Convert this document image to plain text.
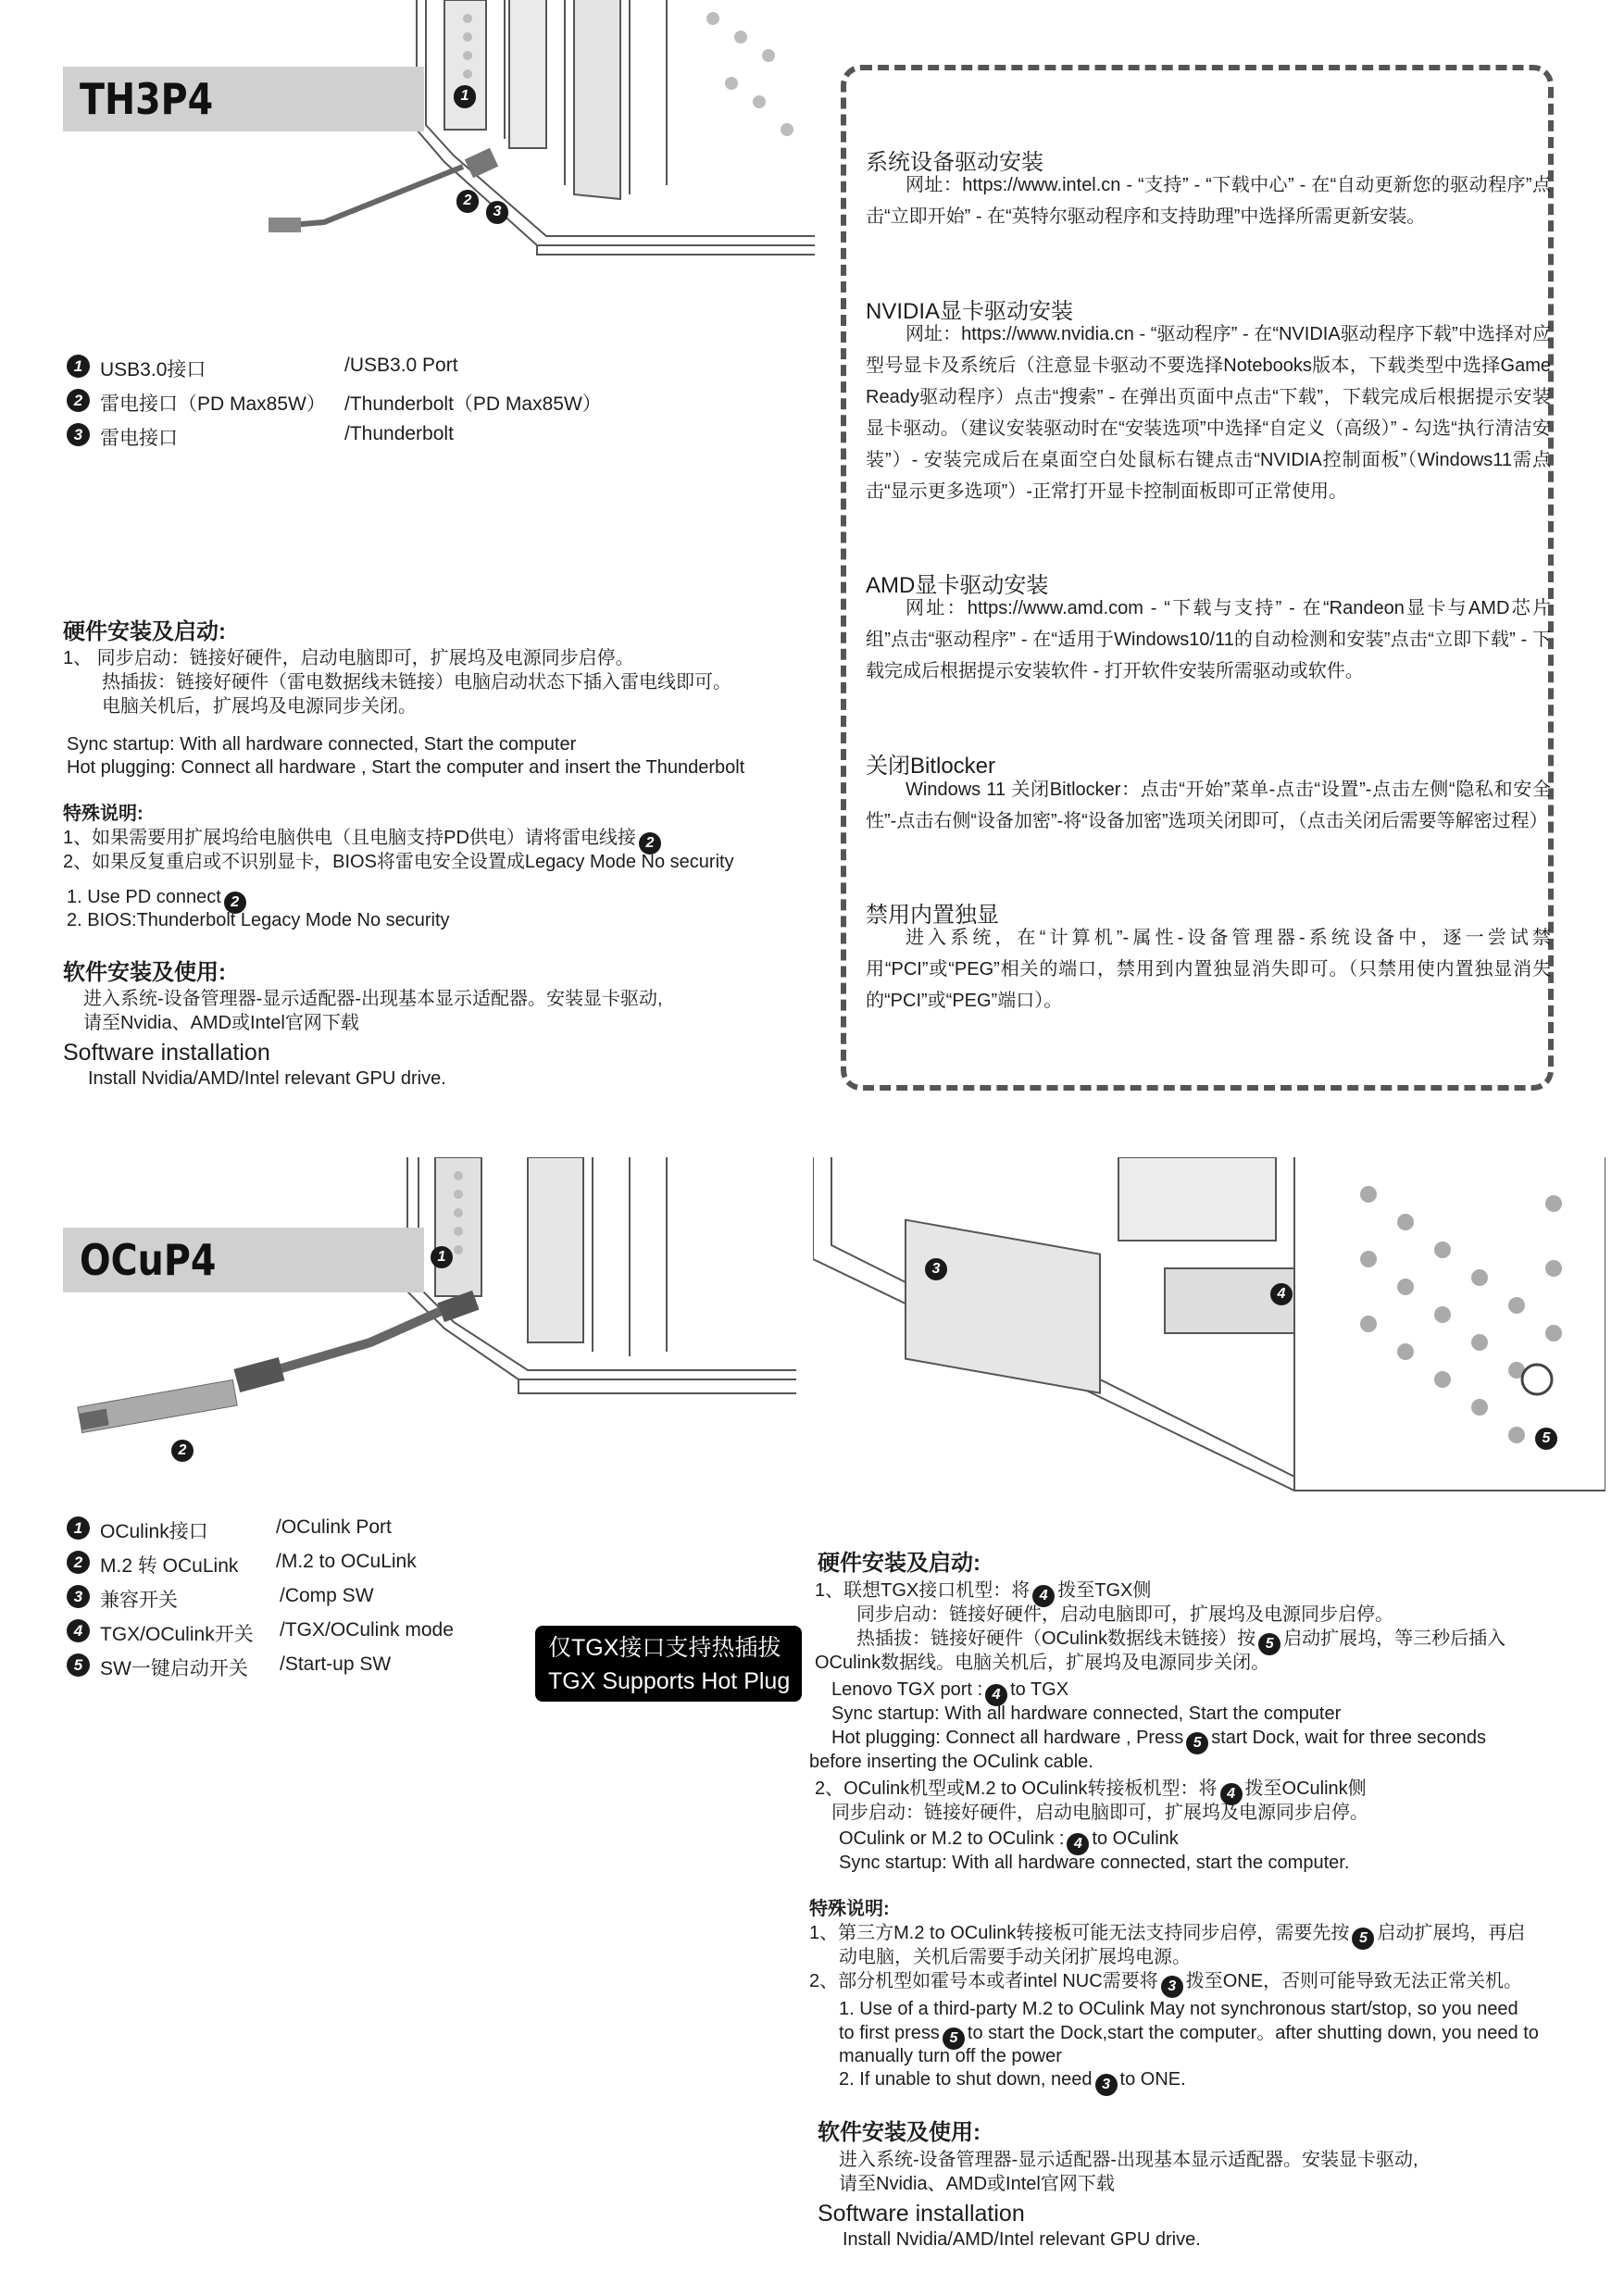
1
2
3
TH3P4
1 USB3.0接口	/USB3.0 Port
2 雷电接口（PD Max85W） /Thunderbolt（PD Max85W）
3 雷电接口	/Thunderbolt
硬件安装及启动:
1、 同步启动：链接好硬件，启动电脑即可，扩展坞及电源同步启停。
热插拔：链接好硬件（雷电数据线未链接）电脑启动状态下插入雷电线即可。
电脑关机后，扩展坞及电源同步关闭。
Sync startup: With all hardware connected, Start the computer
Hot plugging: Connect all hardware , Start the computer and insert the Thunderbolt
特殊说明:
1、如果需要用扩展坞给电脑供电（且电脑支持PD供电）请将雷电线接 2
2、如果反复重启或不识别显卡，BIOS将雷电安全设置成Legacy Mode No security
1. Use PD connect 2
2. BIOS:Thunderbolt Legacy Mode No security
软件安装及使用:
进入系统-设备管理器-显示适配器-出现基本显示适配器。安装显卡驱动,
请至Nvidia、AMD或Intel官网下载
Software installation
Install Nvidia/AMD/Intel relevant GPU drive.
系统设备驱动安装
网址：https://www.intel.cn - “支持” - “下载中心” - 在“自动更新您的驱动程序”点击“立即开始” - 在“英特尔驱动程序和支持助理”中选择所需更新安装。
NVIDIA显卡驱动安装
网址：https://www.nvidia.cn - “驱动程序” - 在“NVIDIA驱动程序下载”中选择对应型号显卡及系统后（注意显卡驱动不要选择Notebooks版本，下载类型中选择Game Ready驱动程序）点击“搜索” - 在弹出页面中点击“下载”，下载完成后根据提示安装显卡驱动。（建议安装驱动时在“安装选项”中选择“自定义（高级）” - 勾选“执行清洁安装”）- 安装完成后在桌面空白处鼠标右键点击“NVIDIA控制面板”（Windows11需点击“显示更多选项”）-正常打开显卡控制面板即可正常使用。
AMD显卡驱动安装
网址：https://www.amd.com - “下载与支持” - 在“Randeon显卡与AMD芯片组”点击“驱动程序” - 在“适用于Windows10/11的自动检测和安装”点击“立即下载” - 下载完成后根据提示安装软件 - 打开软件安装所需驱动或软件。
关闭Bitlocker
Windows 11 关闭Bitlocker：点击“开始”菜单-点击“设置”-点击左侧“隐私和安全性”-点击右侧“设备加密”-将“设备加密”选项关闭即可，（点击关闭后需要等解密过程）
禁用内置独显
进入系统，在“计算机”-属性-设备管理器-系统设备中，逐一尝试禁用“PCI”或“PEG”相关的端口，禁用到内置独显消失即可。（只禁用使内置独显消失的“PCI”或“PEG”端口）。
1
2
3
4
5
OCuP4
1 OCulink接口	/OCulink Port
2 M.2 转 OCuLink /M.2 to OCuLink
3 兼容开关	/Comp SW
4 TGX/OCulink开关 /TGX/OCulink mode
5 SW一键启动开关 /Start-up SW
仅TGX接口支持热插拔
TGX Supports Hot Plug
硬件安装及启动:
1、联想TGX接口机型：将 4 拨至TGX侧
同步启动：链接好硬件，启动电脑即可，扩展坞及电源同步启停。
热插拔：链接好硬件（OCulink数据线未链接）按 5 启动扩展坞，等三秒后插入
OCulink数据线。电脑关机后，扩展坞及电源同步关闭。
Lenovo TGX port : 4 to TGX
Sync startup: With all hardware connected, Start the computer
Hot plugging: Connect all hardware , Press 5 start Dock, wait for three seconds
before inserting the OCulink cable.
2、OCulink机型或M.2 to OCulink转接板机型：将 4 拨至OCulink侧
同步启动：链接好硬件，启动电脑即可，扩展坞及电源同步启停。
OCulink or M.2 to OCulink : 4 to OCulink
Sync startup: With all hardware connected, start the computer.
特殊说明:
1、第三方M.2 to OCulink转接板可能无法支持同步启停，需要先按 5 启动扩展坞，再启
动电脑，关机后需要手动关闭扩展坞电源。
2、部分机型如霍号本或者intel NUC需要将 3 拨至ONE，否则可能导致无法正常关机。
1. Use of a third-party M.2 to OCulink May not synchronous start/stop, so you need
to first press 5 to start the Dock,start the computer。after shutting down, you need to
manually turn off the power
2. If unable to shut down, need 3 to ONE.
软件安装及使用:
进入系统-设备管理器-显示适配器-出现基本显示适配器。安装显卡驱动,
请至Nvidia、AMD或Intel官网下载
Software installation
Install Nvidia/AMD/Intel relevant GPU drive.
